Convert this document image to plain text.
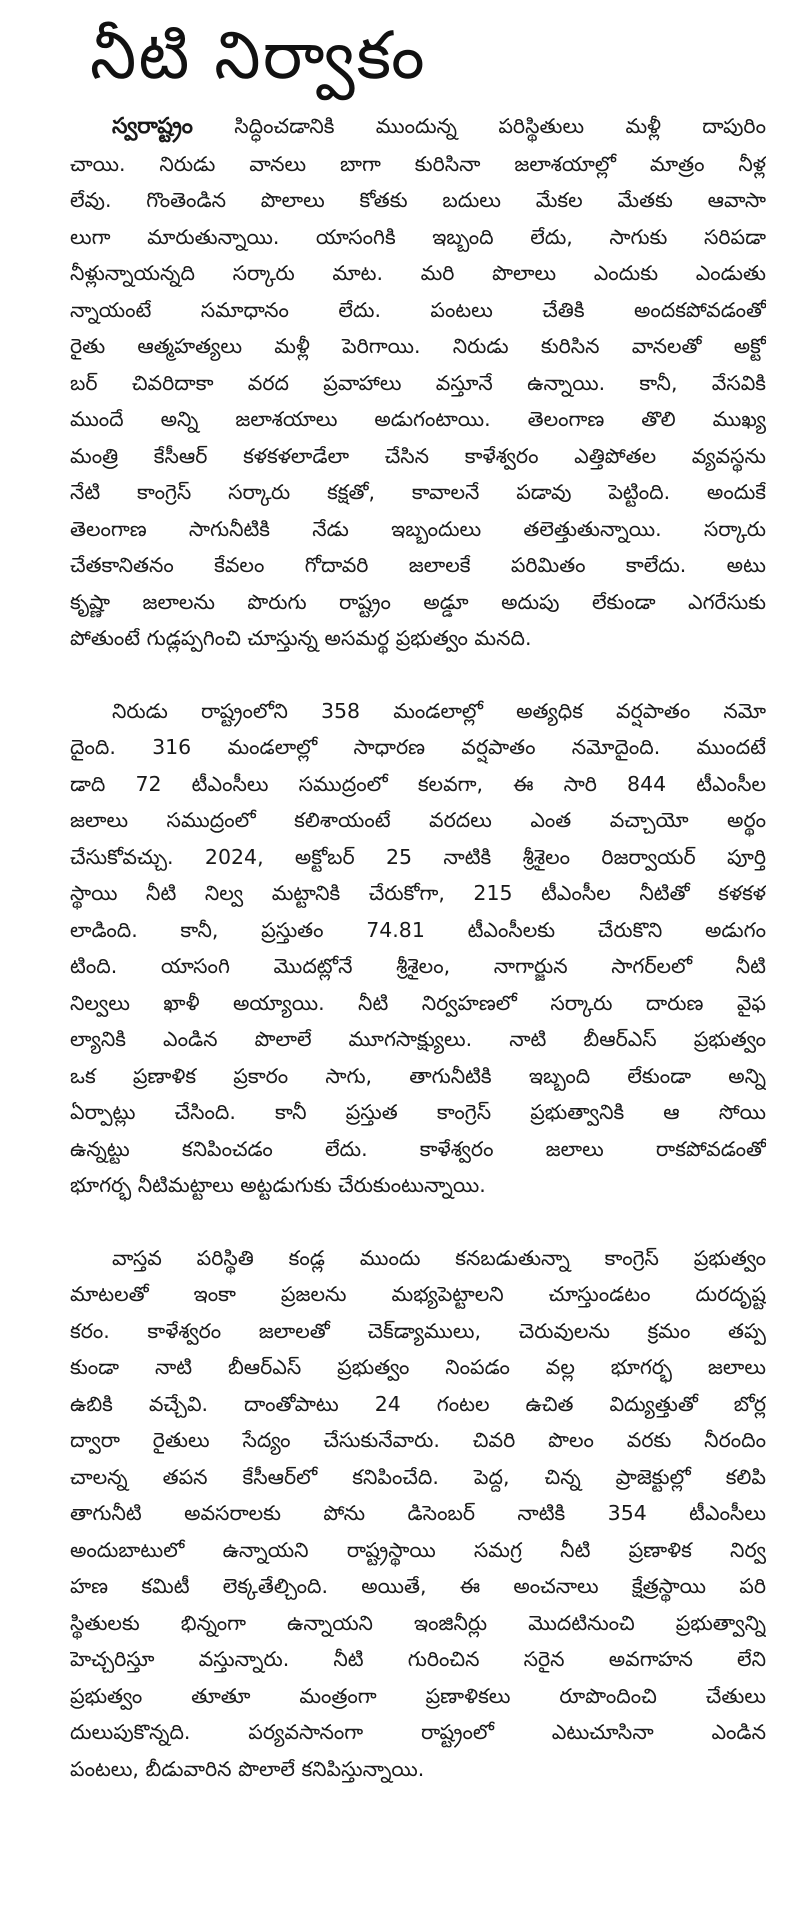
నీటి నిర్వాకం
స్వరాష్ట్రం సిద్ధించడానికి ముందున్న పరిస్థితులు మళ్లీ దాపురిం
చాయి. నిరుడు వానలు బాగా కురిసినా జలాశయాల్లో మాత్రం నీళ్ల
లేవు. గొంతెండిన పొలాలు కోతకు బదులు మేకల మేతకు ఆవాసా
లుగా మారుతున్నాయి. యాసంగికి ఇబ్బంది లేదు, సాగుకు సరిపడా
నీళ్లున్నాయన్నది సర్కారు మాట. మరి పొలాలు ఎందుకు ఎండుతు
న్నాయంటే సమాధానం లేదు. పంటలు చేతికి అందకపోవడంతో
రైతు ఆత్మహత్యలు మళ్లీ పెరిగాయి. నిరుడు కురిసిన వానలతో అక్టో
బర్ చివరిదాకా వరద ప్రవాహాలు వస్తూనే ఉన్నాయి. కానీ, వేసవికి
ముందే అన్ని జలాశయాలు అడుగంటాయి. తెలంగాణ తొలి ముఖ్య
మంత్రి కేసీఆర్ కళకళలాడేలా చేసిన కాళేశ్వరం ఎత్తిపోతల వ్యవస్థను
నేటి కాంగ్రెస్ సర్కారు కక్షతో, కావాలనే పడావు పెట్టింది. అందుకే
తెలంగాణ సాగునీటికి నేడు ఇబ్బందులు తలెత్తుతున్నాయి. సర్కారు
చేతకానితనం కేవలం గోదావరి జలాలకే పరిమితం కాలేదు. అటు
కృష్ణా జలాలను పొరుగు రాష్ట్రం అడ్డూ అదుపు లేకుండా ఎగరేసుకు
పోతుంటే గుడ్లప్పగించి చూస్తున్న అసమర్థ ప్రభుత్వం మనది.
నిరుడు రాష్ట్రంలోని 358 మండలాల్లో అత్యధిక వర్షపాతం నమో
దైంది. 316 మండలాల్లో సాధారణ వర్షపాతం నమోదైంది. ముందటే
డాది 72 టీఎంసీలు సముద్రంలో కలవగా, ఈ సారి 844 టీఎంసీల
జలాలు సముద్రంలో కలిశాయంటే వరదలు ఎంత వచ్చాయో అర్థం
చేసుకోవచ్చు. 2024, అక్టోబర్ 25 నాటికి శ్రీశైలం రిజర్వాయర్ పూర్తి
స్థాయి నీటి నిల్వ మట్టానికి చేరుకోగా, 215 టీఎంసీల నీటితో కళకళ
లాడింది. కానీ, ప్రస్తుతం 74.81 టీఎంసీలకు చేరుకొని అడుగం
టింది. యాసంగి మొదట్లోనే శ్రీశైలం, నాగార్జున సాగర్‌లలో నీటి
నిల్వలు ఖాళీ అయ్యాయి. నీటి నిర్వహణలో సర్కారు దారుణ వైఫ
ల్యానికి ఎండిన పొలాలే మూగసాక్ష్యులు. నాటి బీఆర్ఎస్ ప్రభుత్వం
ఒక ప్రణాళిక ప్రకారం సాగు, తాగునీటికి ఇబ్బంది లేకుండా అన్ని
ఏర్పాట్లు చేసింది. కానీ ప్రస్తుత కాంగ్రెస్ ప్రభుత్వానికి ఆ సోయి
ఉన్నట్టు కనిపించడం లేదు. కాళేశ్వరం జలాలు రాకపోవడంతో
భూగర్భ నీటిమట్టాలు అట్టడుగుకు చేరుకుంటున్నాయి.
వాస్తవ పరిస్థితి కండ్ల ముందు కనబడుతున్నా కాంగ్రెస్ ప్రభుత్వం
మాటలతో ఇంకా ప్రజలను మభ్యపెట్టాలని చూస్తుండటం దురదృష్ట
కరం. కాళేశ్వరం జలాలతో చెక్‌డ్యాములు, చెరువులను క్రమం తప్ప
కుండా నాటి బీఆర్ఎస్ ప్రభుత్వం నింపడం వల్ల భూగర్భ జలాలు
ఉబికి వచ్చేవి. దాంతోపాటు 24 గంటల ఉచిత విద్యుత్తుతో బోర్ల
ద్వారా రైతులు సేద్యం చేసుకునేవారు. చివరి పొలం వరకు నీరందిం
చాలన్న తపన కేసీఆర్‌లో కనిపించేది. పెద్ద, చిన్న ప్రాజెక్టుల్లో కలిపి
తాగునీటి అవసరాలకు పోను డిసెంబర్ నాటికి 354 టీఎంసీలు
అందుబాటులో ఉన్నాయని రాష్ట్రస్థాయి సమగ్ర నీటి ప్రణాళిక నిర్వ
హణ కమిటీ లెక్కతేల్చింది. అయితే, ఈ అంచనాలు క్షేత్రస్థాయి పరి
స్థితులకు భిన్నంగా ఉన్నాయని ఇంజినీర్లు మొదటినుంచి ప్రభుత్వాన్ని
హెచ్చరిస్తూ వస్తున్నారు. నీటి గురించిన సరైన అవగాహన లేని
ప్రభుత్వం తూతూ మంత్రంగా ప్రణాళికలు రూపొందించి చేతులు
దులుపుకొన్నది. పర్యవసానంగా రాష్ట్రంలో ఎటుచూసినా ఎండిన
పంటలు, బీడువారిన పొలాలే కనిపిస్తున్నాయి.
